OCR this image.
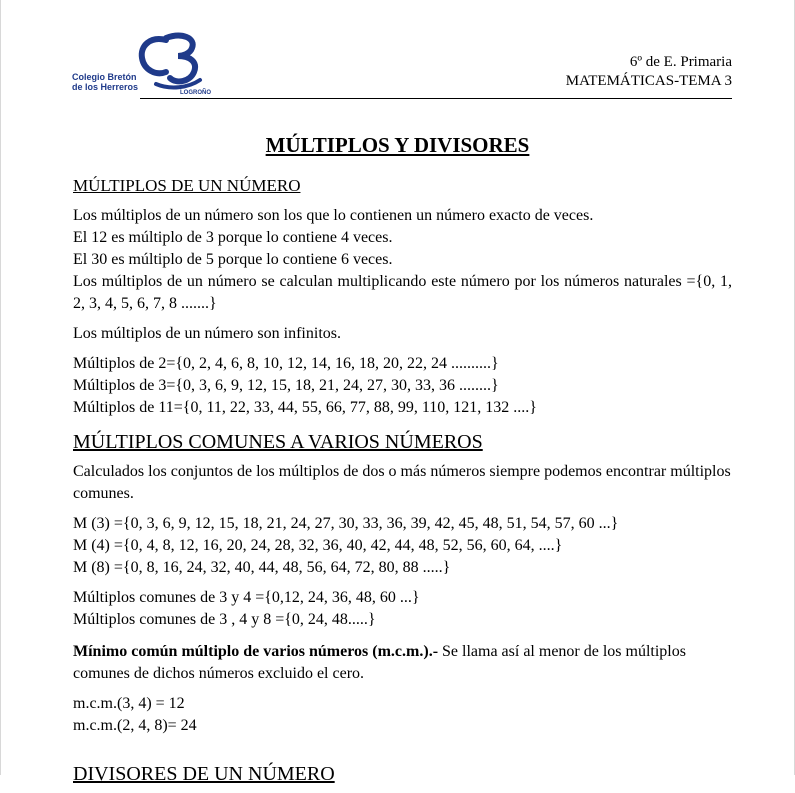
Colegio Bretón
de los Herreros
LOGROÑO
6º de E. Primaria
MATEMÁTICAS-TEMA 3
MÚLTIPLOS Y DIVISORES
MÚLTIPLOS DE UN NÚMERO
Los múltiplos de un número son los que lo contienen un número exacto de veces.
El 12 es múltiplo de 3 porque lo contiene 4 veces.
El 30 es múltiplo de 5 porque lo contiene 6 veces.
Los múltiplos de un número se calculan multiplicando este número por los números naturales ={0, 1, 2, 3, 4, 5, 6, 7, 8 .......}
Los múltiplos de un número son infinitos.
Múltiplos de 2={0, 2, 4, 6, 8, 10, 12, 14, 16, 18, 20, 22, 24 ..........}
Múltiplos de 3={0, 3, 6, 9, 12, 15, 18, 21, 24, 27, 30, 33, 36 ........}
Múltiplos de 11={0, 11, 22, 33, 44, 55, 66, 77, 88, 99, 110, 121, 132 ....}
MÚLTIPLOS COMUNES A VARIOS NÚMEROS
Calculados los conjuntos de los múltiplos de dos o más números siempre podemos encontrar múltiplos comunes.
M (3) ={0, 3, 6, 9, 12, 15, 18, 21, 24, 27, 30, 33, 36, 39, 42, 45, 48, 51, 54, 57, 60 ...}
M (4) ={0, 4, 8, 12, 16, 20, 24, 28, 32, 36, 40, 42, 44, 48, 52, 56, 60, 64, ....}
M (8) ={0, 8, 16, 24, 32, 40, 44, 48, 56, 64, 72, 80, 88 .....}
Múltiplos comunes de 3 y 4 ={0,12, 24, 36, 48, 60 ...}
Múltiplos comunes de 3 , 4 y 8 ={0, 24, 48.....}
Mínimo común múltiplo de varios números (m.c.m.).- Se llama así al menor de los múltiplos comunes de dichos números excluido el cero.
m.c.m.(3, 4) = 12
m.c.m.(2, 4, 8)= 24
DIVISORES DE UN NÚMERO
